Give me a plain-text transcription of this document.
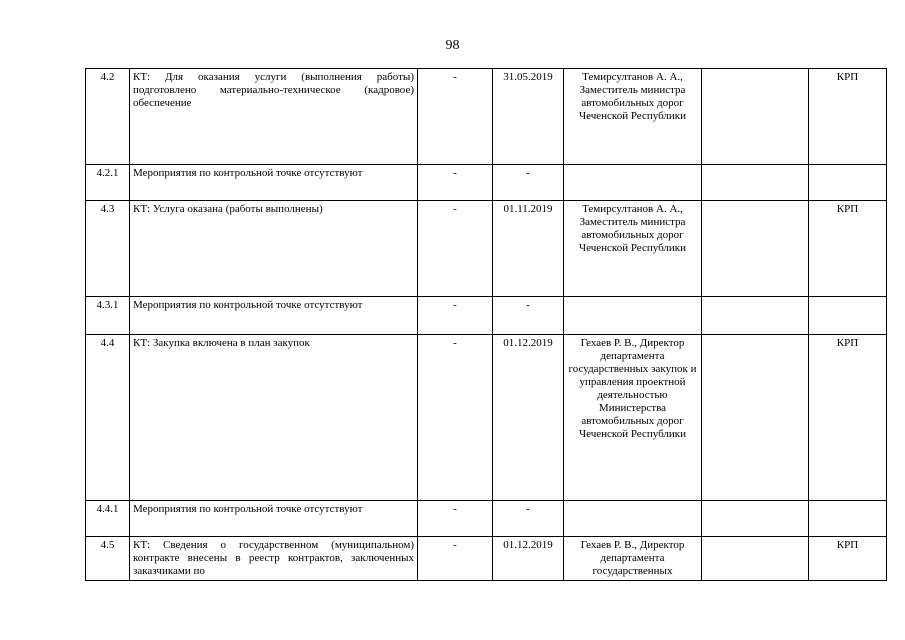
98
4.2	КТ: Для оказания услуги (выполнения работы) подготовлено материально-техническое (кадровое) обеспечение	-	31.05.2019	Темирсултанов А. А., Заместитель министра автомобильных дорог Чеченской Республики		КРП
4.2.1	Мероприятия по контрольной точке отсутствуют	-	-			
4.3	КТ: Услуга оказана (работы выполнены)	-	01.11.2019	Темирсултанов А. А., Заместитель министра автомобильных дорог Чеченской Республики		КРП
4.3.1	Мероприятия по контрольной точке отсутствуют	-	-			
4.4	КТ: Закупка включена в план закупок	-	01.12.2019	Гехаев Р. В., Директор департамента государственных закупок и управления проектной деятельностью Министерства автомобильных дорог Чеченской Республики		КРП
4.4.1	Мероприятия по контрольной точке отсутствуют	-	-			
4.5	КТ: Сведения о государственном (муниципальном) контракте внесены в реестр контрактов, заключенных заказчиками по	-	01.12.2019	Гехаев Р. В., Директор департамента государственных		КРП
